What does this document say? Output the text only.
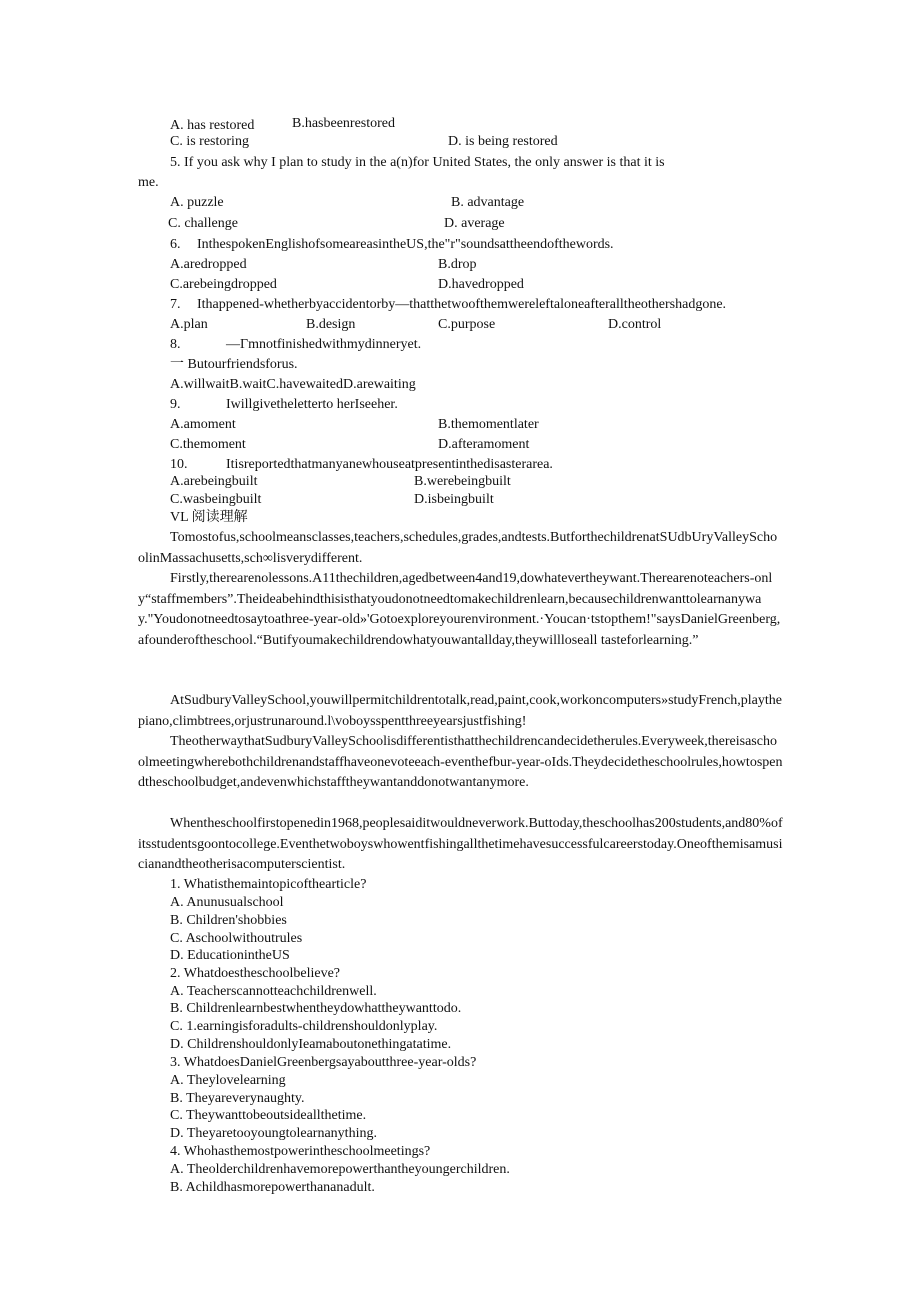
A. has restored	B.hasbeenrestored
C. is restoring	D. is being restored
5. If you ask why I plan to study in the a(n)for United States, the only answer is that it is
me.
A. puzzle	B. advantage
C. challenge	D. average
6. InthespokenEnglishofsomeareasintheUS,the"r"soundsattheendofthewords.
A.aredropped	B.drop
C.arebeingdropped	D.havedropped
7. Ithappened-whetherbyaccidentorby—thatthetwoofthemwereleftaloneafteralltheothershadgone.
A.plan	B.design	C.purpose	D.control
8.	—Γmnotfinishedwithmydinneryet.
一 Butourfriendsforus.
A.willwaitB.waitC.havewaitedD.arewaiting
9.	Iwillgivetheletterto herIseeher.
A.amoment	B.themomentlater
C.themoment	D.afteramoment
10.	Itisreportedthatmanyanewhouseatpresentinthedisasterarea.
A.arebeingbuilt	B.werebeingbuilt
C.wasbeingbuilt	D.isbeingbuilt
VL 阅读理解
Tomostofus,schoolmeansclasses,teachers,schedules,grades,andtests.ButforthechildrenatSUdbUryValleySchoolinMassachusetts,sch∞lisverydifferent.
Firstly,therearenolessons.A11thechildren,agedbetween4and19,dowhatevertheywant.Therearenoteachers-only“staffmembers”.Theideabehindthisisthatyoudonotneedtomakechildrenlearn,becausechildrenwanttolearnanyway."Youdonotneedtosaytoathree-year-old»'Gotoexploreyourenvironment.·Youcan·tstopthem!"saysDanielGreenberg,afounderoftheschool.“Butifyoumakechildrendowhatyouwantallday,theywillloseall tasteforlearning.”
AtSudburyValleySchool,youwillpermitchildrentotalk,read,paint,cook,workoncomputers»studyFrench,playthepiano,climbtrees,orjustrunaround.l\voboysspentthreeyearsjustfishing!
TheotherwaythatSudburyValleySchoolisdifferentisthatthechildrencandecidetherules.Everyweek,thereisaschoolmeetingwherebothchildrenandstaffhaveonevoteeach-eventhefbur-year-oIds.Theydecidetheschoolrules,howtospendtheschoolbudget,andevenwhichstafftheywantanddonotwantanymore.
Whentheschoolfirstopenedin1968,peoplesaiditwouldneverwork.Buttoday,theschoolhas200students,and80%ofitsstudentsgoontocollege.Eventhetwoboyswhowentfishingallthetimehavesuccessfulcareerstoday.Oneofthemisamusicianandtheotherisacomputerscientist.
1. Whatisthemaintopicofthearticle?
A. Anunusualschool
B. Children'shobbies
C. Aschoolwithoutrules
D. EducationintheUS
2. Whatdoestheschoolbelieve?
A. Teacherscannotteachchildrenwell.
B. Childrenlearnbestwhentheydowhattheywanttodo.
C. 1.earningisforadults-childrenshouldonlyplay.
D. ChildrenshouldonlyIeamaboutonethingatatime.
3. WhatdoesDanielGreenbergsayaboutthree-year-olds?
A. Theylovelearning
B. Theyareverynaughty.
C. Theywanttobeoutsideallthetime.
D. Theyaretooyoungtolearnanything.
4. Whohasthemostpowerintheschoolmeetings?
A. Theolderchildrenhavemorepowerthantheyoungerchildren.
B. Achildhasmorepowerthananadult.
